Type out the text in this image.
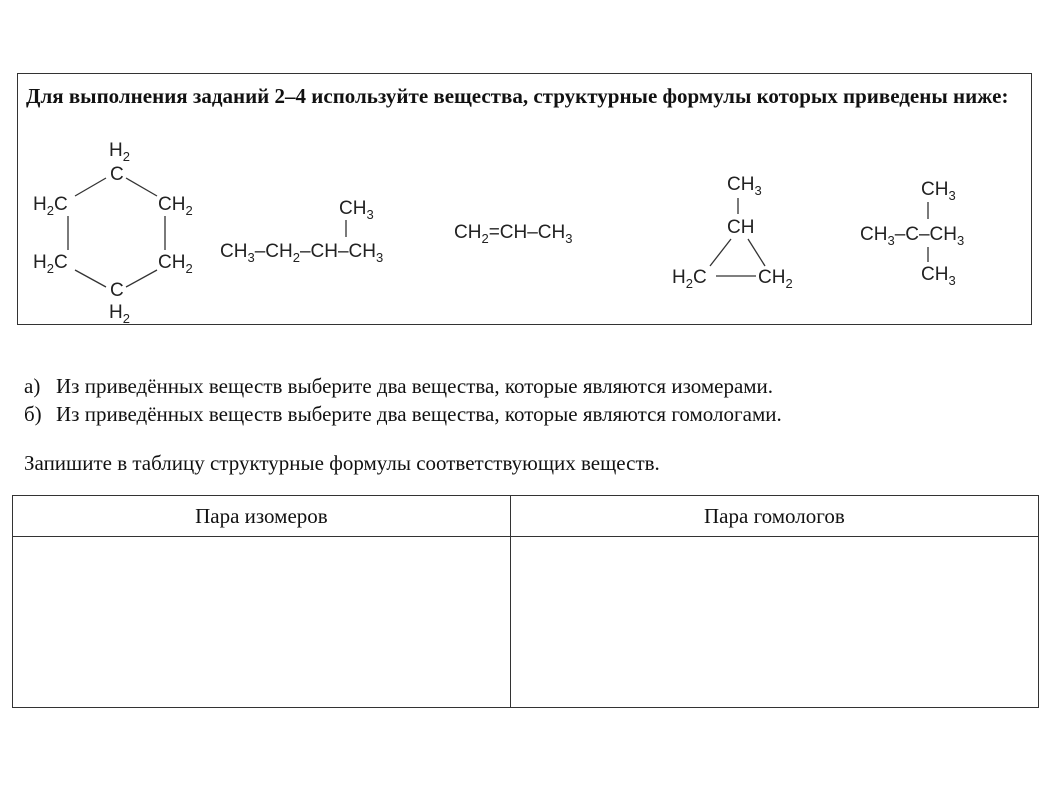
Для выполнения заданий 2–4 используйте вещества, структурные формулы которых приведены ниже:

$H_2$
C
$H_2C$	$CH_2$
$H_2C$	$CH_2$
C
$H_2$
$CH_3$
$CH_3-CH_2-CH-CH_3$
$CH_2=CH-CH_3$
$CH_3$
CH
$H_2C$	$CH_2$
$CH_3$
$CH_3-C-CH_3$
$CH_3$

а) Из приведённых веществ выберите два вещества, которые являются изомерами.

б) Из приведённых веществ выберите два вещества, которые являются гомологами.

Запишите в таблицу структурные формулы соответствующих веществ.

Пара изомеров	Пара гомологов
